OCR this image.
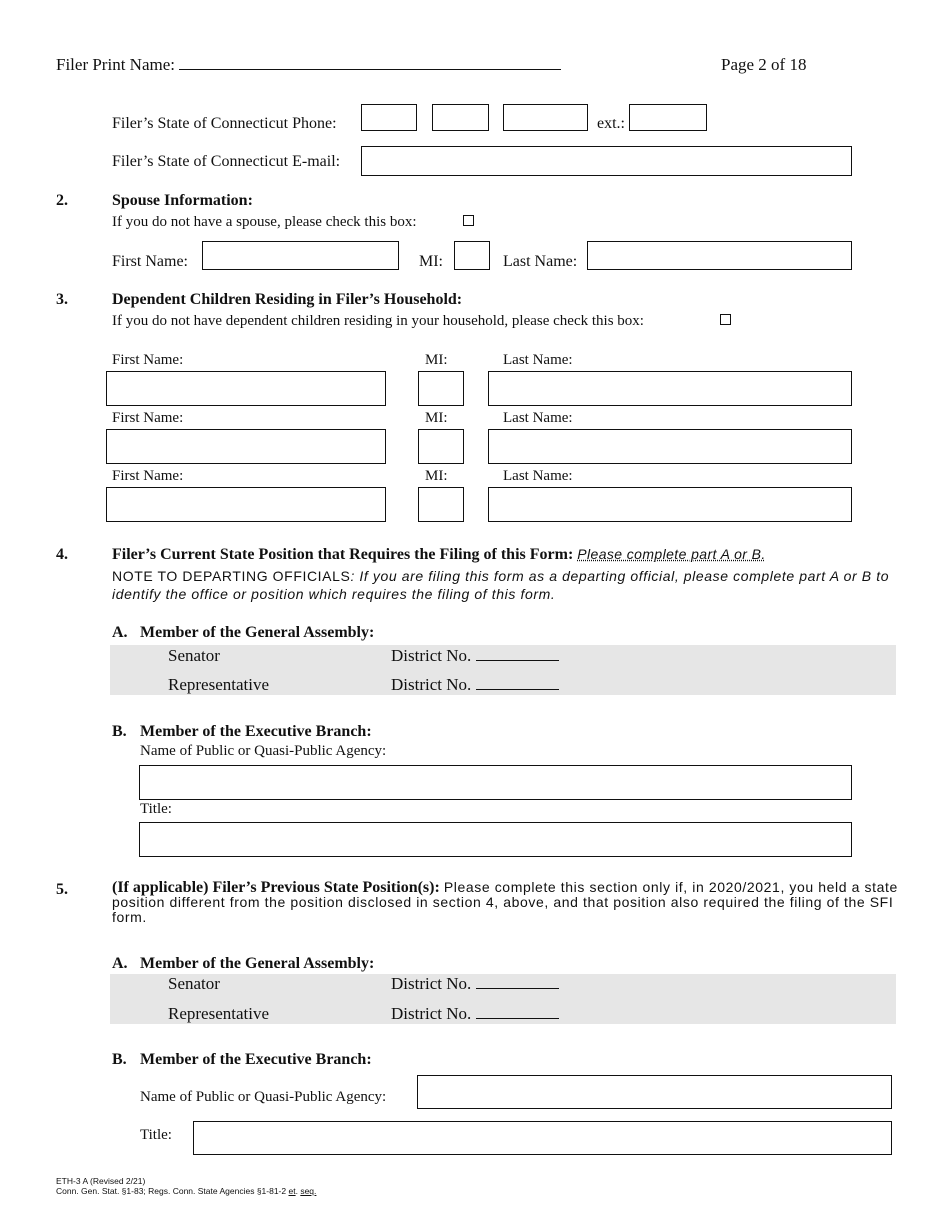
Filer Print Name:	Page 2 of 18
Filer’s State of Connecticut Phone:	ext.:
Filer’s State of Connecticut E-mail:
2.	Spouse Information:
If you do not have a spouse, please check this box:
First Name:	MI:	Last Name:
3.	Dependent Children Residing in Filer’s Household:
If you do not have dependent children residing in your household, please check this box:
First Name:	MI:	Last Name:
First Name:	MI:	Last Name:
First Name:	MI:	Last Name:
4.	Filer’s Current State Position that Requires the Filing of this Form: Please complete part A or B.
NOTE TO DEPARTING OFFICIALS: If you are filing this form as a departing official, please complete part A or B to identify the office or position which requires the filing of this form.
A. Member of the General Assembly:
Senator	District No.
Representative	District No.
B. Member of the Executive Branch:
Name of Public or Quasi-Public Agency:
Title:
5.	(If applicable) Filer’s Previous State Position(s): Please complete this section only if, in 2020/2021, you held a state position different from the position disclosed in section 4, above, and that position also required the filing of the SFI form.
A. Member of the General Assembly:
Senator	District No.
Representative	District No.
B. Member of the Executive Branch:
Name of Public or Quasi-Public Agency:
Title:
ETH-3 A (Revised 2/21)
Conn. Gen. Stat. §1-83; Regs. Conn. State Agencies §1-81-2 et. seq.
